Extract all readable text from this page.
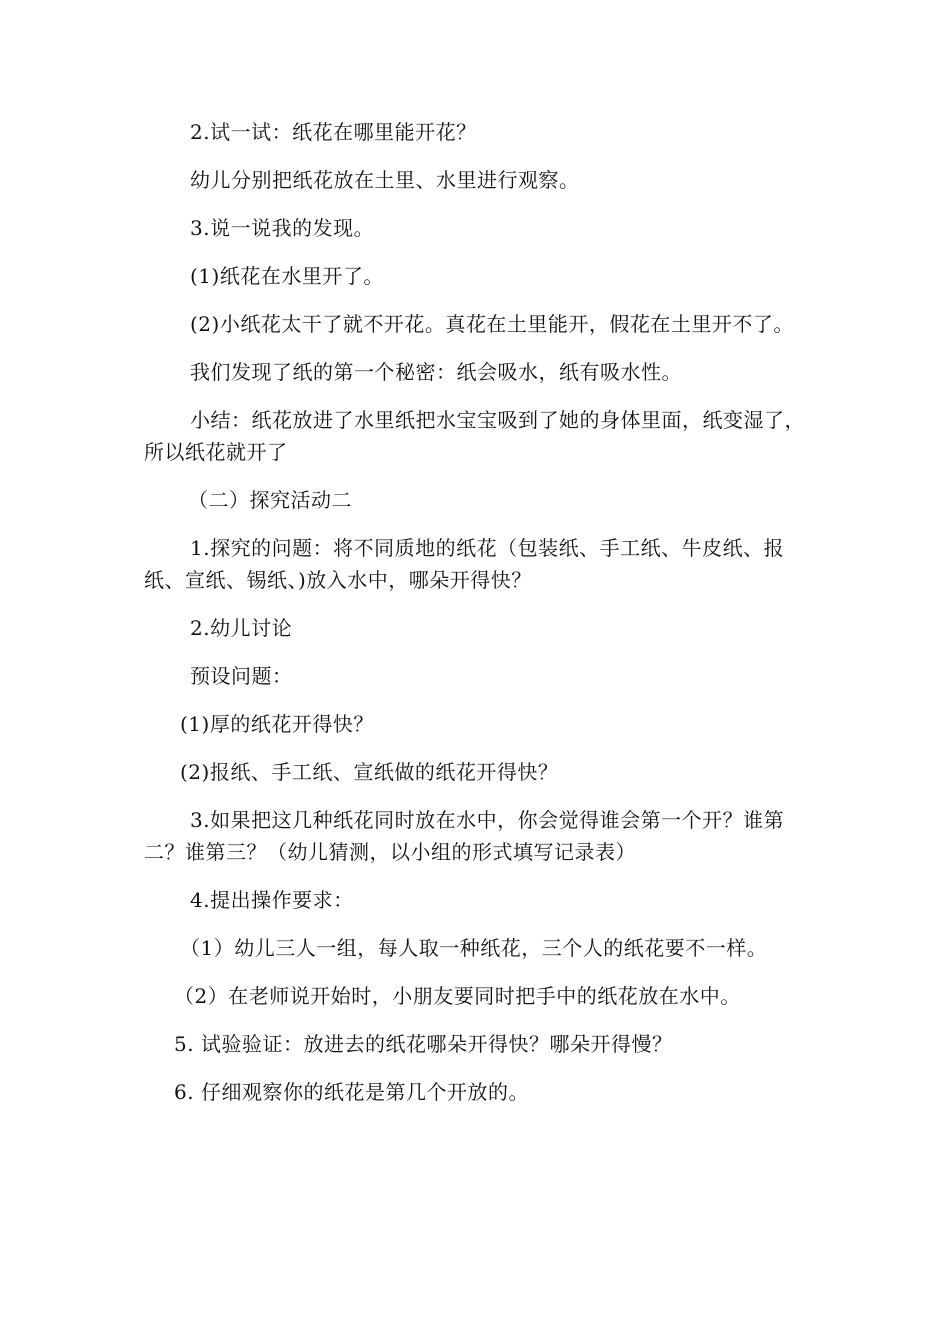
2.试一试：纸花在哪里能开花？

幼儿分别把纸花放在土里、水里进行观察。

3.说一说我的发现。

(1)纸花在水里开了。

(2)小纸花太干了就不开花。真花在土里能开，假花在土里开不了。

我们发现了纸的第一个秘密：纸会吸水，纸有吸水性。

小结：纸花放进了水里纸把水宝宝吸到了她的身体里面，纸变湿了，所以纸花就开了

（二）探究活动二

1.探究的问题：将不同质地的纸花（包装纸、手工纸、牛皮纸、报纸、宣纸、锡纸、)放入水中，哪朵开得快？

2.幼儿讨论

预设问题：

(1)厚的纸花开得快？

(2)报纸、手工纸、宣纸做的纸花开得快？

3.如果把这几种纸花同时放在水中，你会觉得谁会第一个开？谁第二？谁第三？（幼儿猜测，以小组的形式填写记录表）

4.提出操作要求：

（1）幼儿三人一组，每人取一种纸花，三个人的纸花要不一样。

（2）在老师说开始时，小朋友要同时把手中的纸花放在水中。

5. 试验验证：放进去的纸花哪朵开得快？哪朵开得慢？

6. 仔细观察你的纸花是第几个开放的。
